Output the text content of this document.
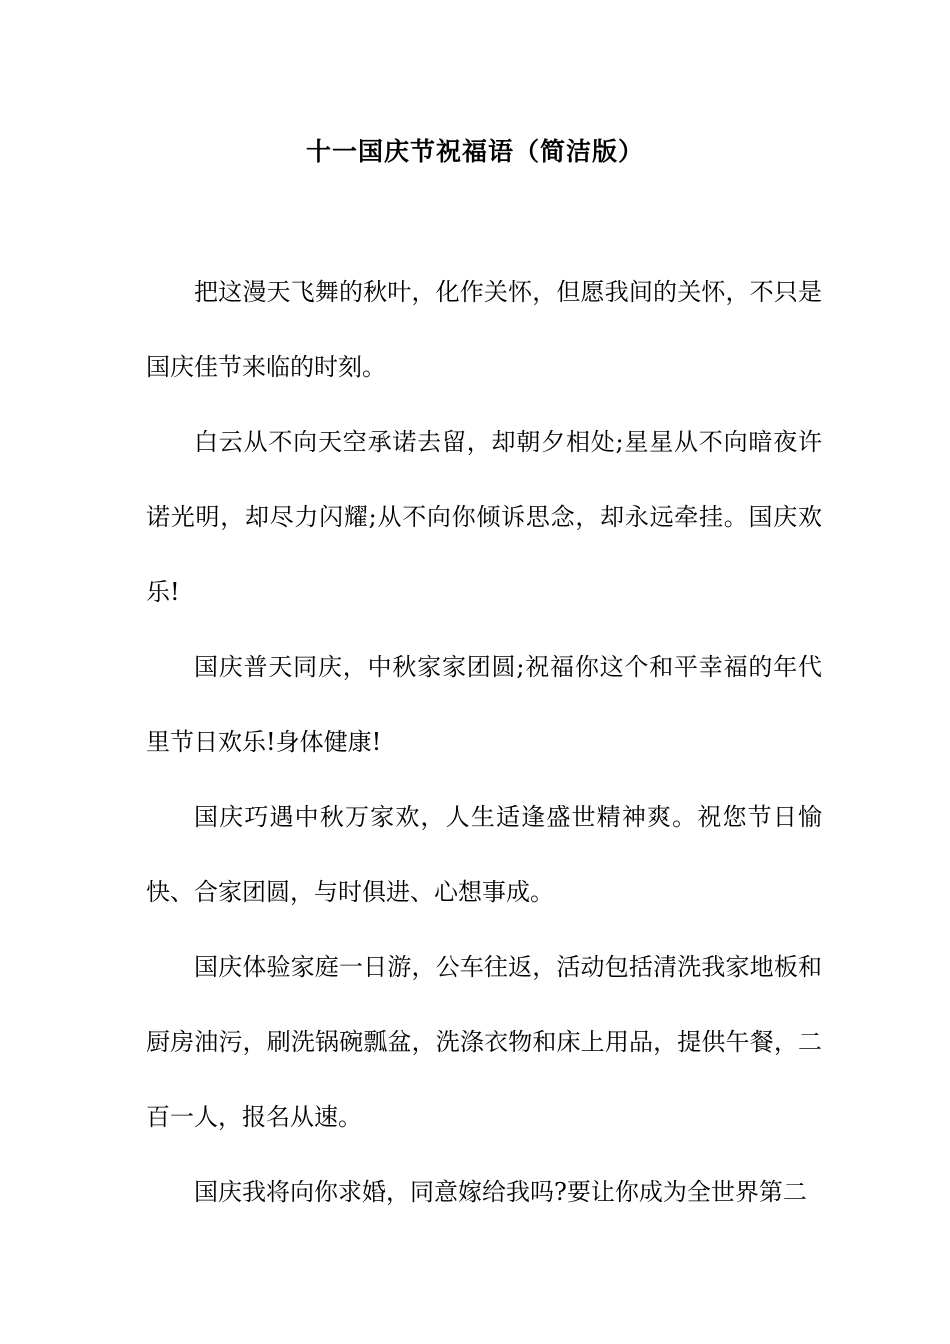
十一国庆节祝福语（简洁版）

把这漫天飞舞的秋叶，化作关怀，但愿我间的关怀，不只是国庆佳节来临的时刻。

白云从不向天空承诺去留，却朝夕相处;星星从不向暗夜许诺光明，却尽力闪耀;从不向你倾诉思念，却永远牵挂。国庆欢乐!

国庆普天同庆，中秋家家团圆;祝福你这个和平幸福的年代里节日欢乐!身体健康!

国庆巧遇中秋万家欢，人生适逢盛世精神爽。祝您节日愉快、合家团圆，与时俱进、心想事成。

国庆体验家庭一日游，公车往返，活动包括清洗我家地板和厨房油污，刷洗锅碗瓢盆，洗涤衣物和床上用品，提供午餐，二百一人，报名从速。

国庆我将向你求婚，同意嫁给我吗?要让你成为全世界第二
